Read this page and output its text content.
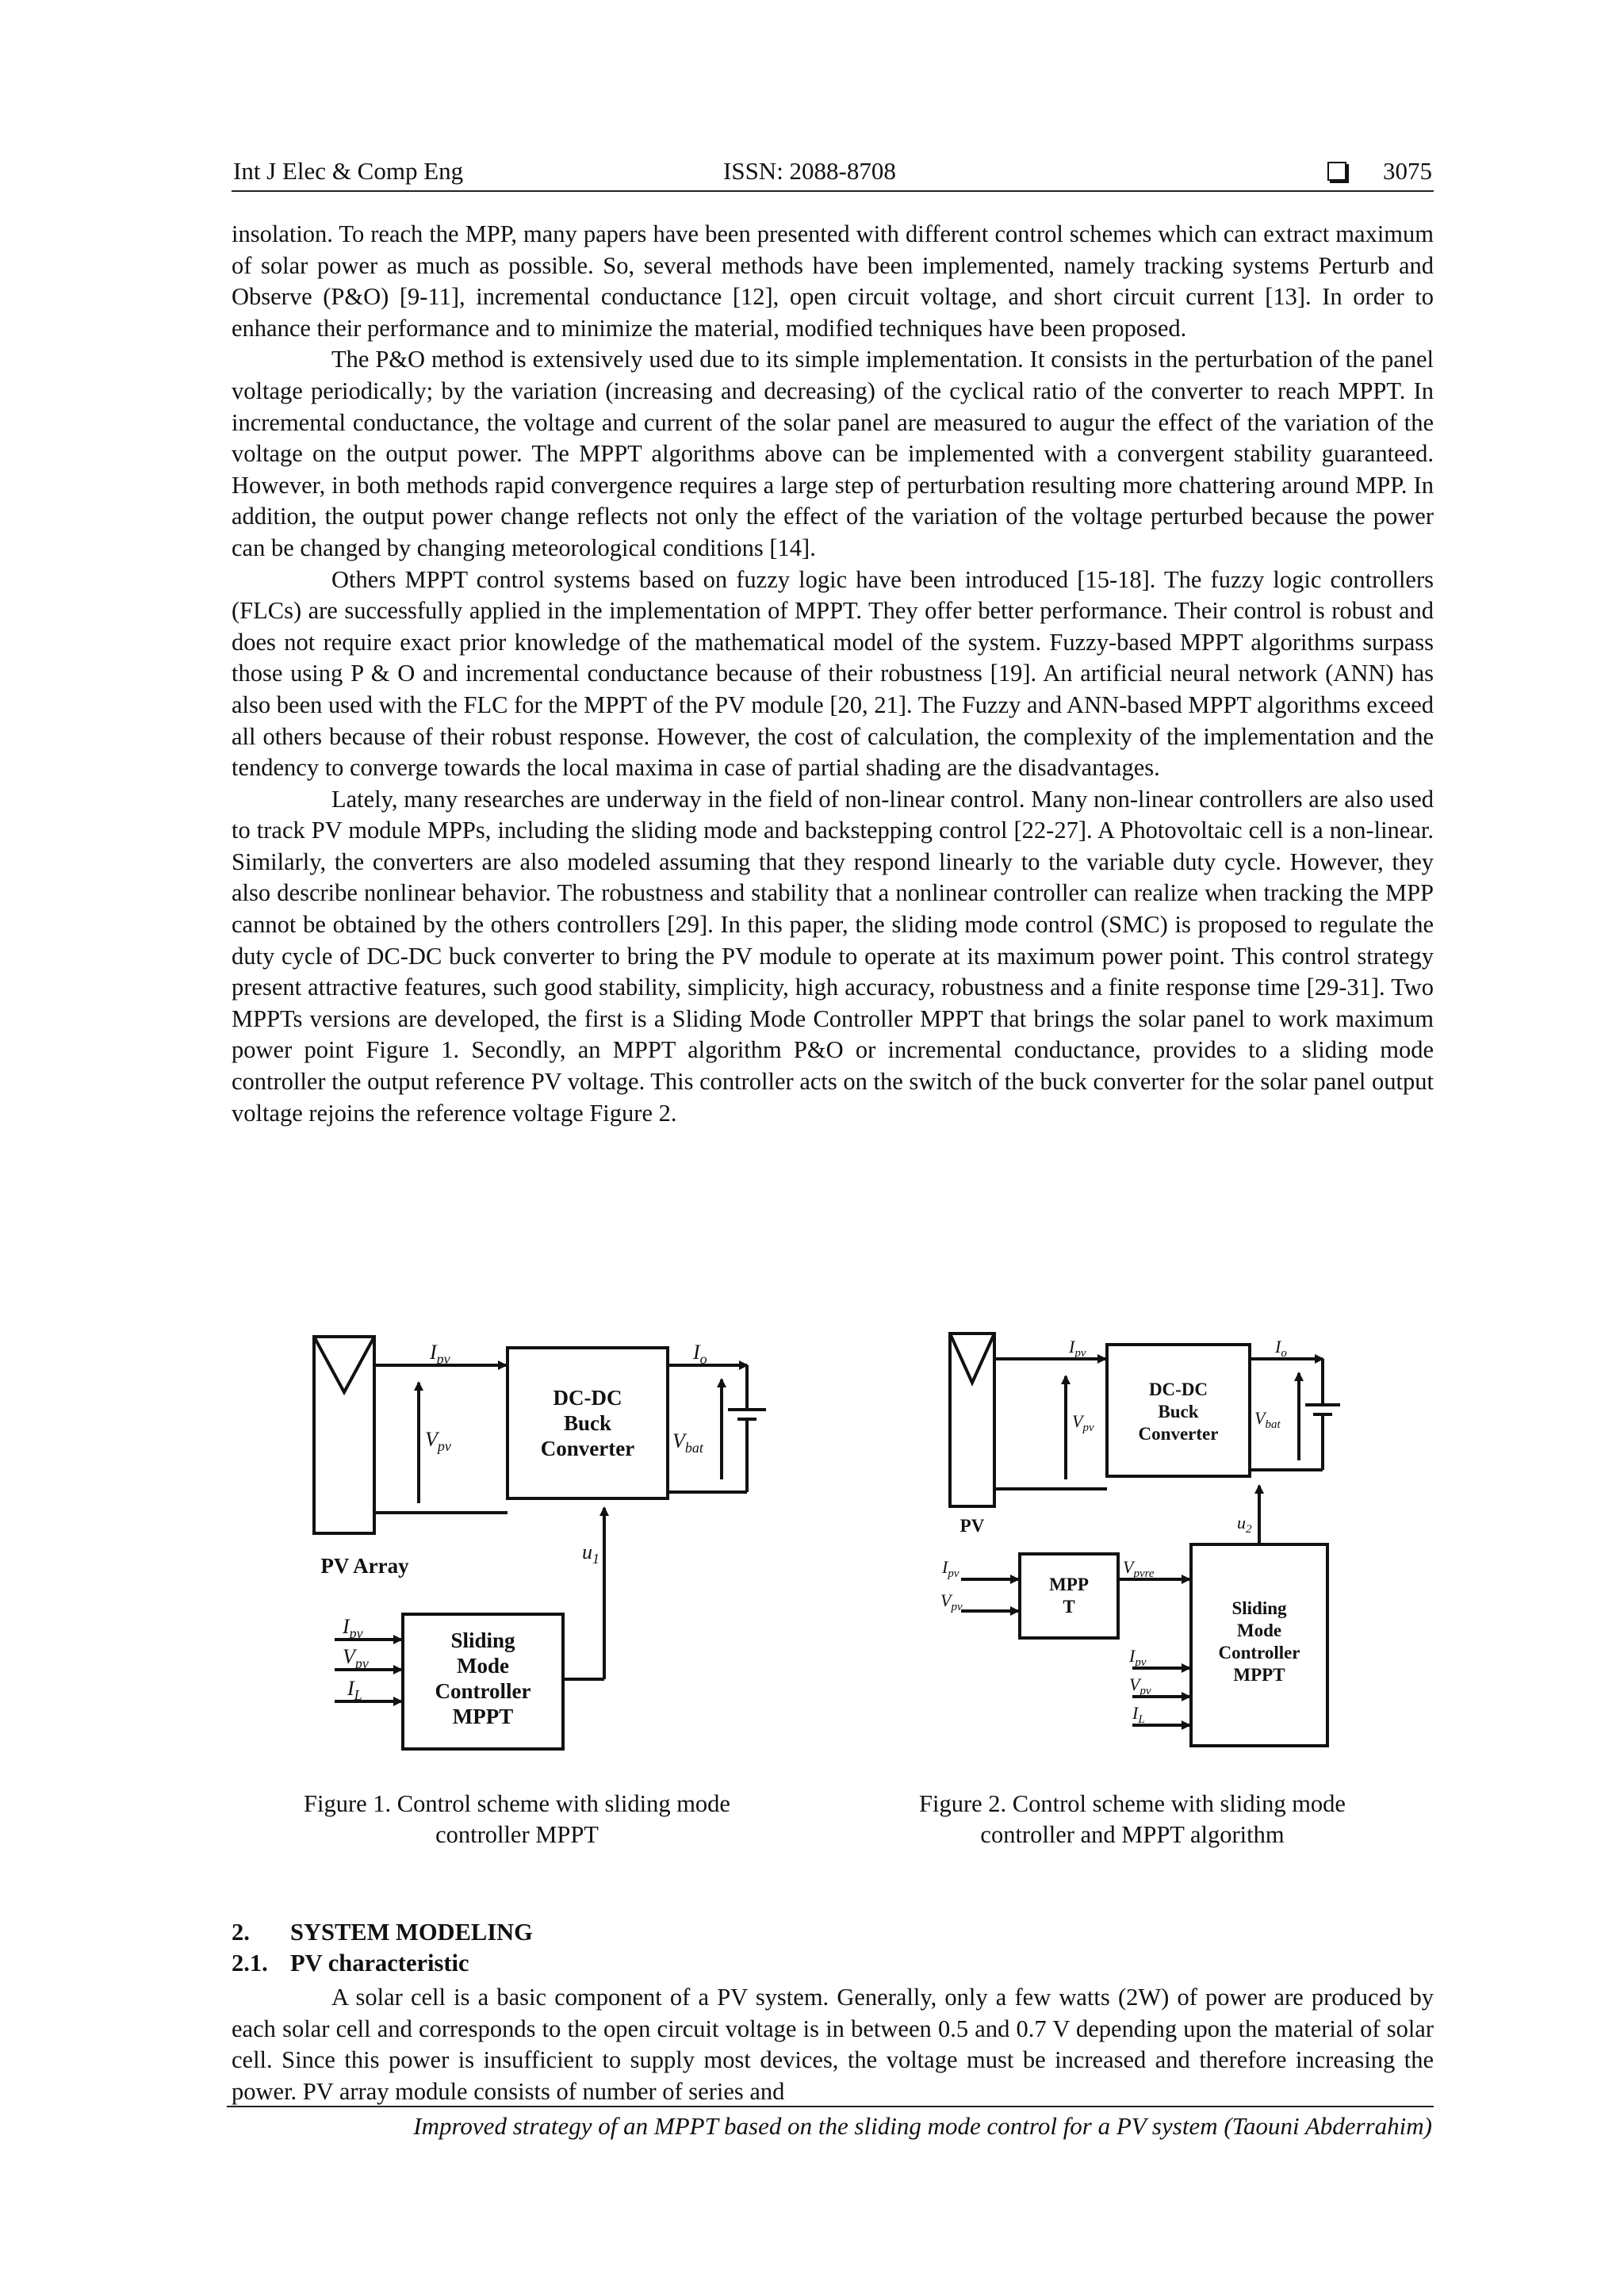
Int J Elec & Comp Eng	ISSN: 2088-8708	3075

insolation. To reach the MPP, many papers have been presented with different control schemes which can extract maximum of solar power as much as possible. So, several methods have been implemented, namely tracking systems Perturb and Observe (P&O) [9-11], incremental conductance [12], open circuit voltage, and short circuit current [13]. In order to enhance their performance and to minimize the material, modified techniques have been proposed.

The P&O method is extensively used due to its simple implementation. It consists in the perturbation of the panel voltage periodically; by the variation (increasing and decreasing) of the cyclical ratio of the converter to reach MPPT. In incremental conductance, the voltage and current of the solar panel are measured to augur the effect of the variation of the voltage on the output power. The MPPT algorithms above can be implemented with a convergent stability guaranteed. However, in both methods rapid convergence requires a large step of perturbation resulting more chattering around MPP. In addition, the output power change reflects not only the effect of the variation of the voltage perturbed because the power can be changed by changing meteorological conditions [14].

Others MPPT control systems based on fuzzy logic have been introduced [15-18]. The fuzzy logic controllers (FLCs) are successfully applied in the implementation of MPPT. They offer better performance. Their control is robust and does not require exact prior knowledge of the mathematical model of the system. Fuzzy-based MPPT algorithms surpass those using P & O and incremental conductance because of their robustness [19]. An artificial neural network (ANN) has also been used with the FLC for the MPPT of the PV module [20, 21]. The Fuzzy and ANN-based MPPT algorithms exceed all others because of their robust response. However, the cost of calculation, the complexity of the implementation and the tendency to converge towards the local maxima in case of partial shading are the disadvantages.

Lately, many researches are underway in the field of non-linear control. Many non-linear controllers are also used to track PV module MPPs, including the sliding mode and backstepping control [22-27]. A Photovoltaic cell is a non-linear. Similarly, the converters are also modeled assuming that they respond linearly to the variable duty cycle. However, they also describe nonlinear behavior. The robustness and stability that a nonlinear controller can realize when tracking the MPP cannot be obtained by the others controllers [29]. In this paper, the sliding mode control (SMC) is proposed to regulate the duty cycle of DC-DC buck converter to bring the PV module to operate at its maximum power point. This control strategy present attractive features, such good stability, simplicity, high accuracy, robustness and a finite response time [29-31]. Two MPPTs versions are developed, the first is a Sliding Mode Controller MPPT that brings the solar panel to work maximum power point Figure 1. Secondly, an MPPT algorithm P&O or incremental conductance, provides to a sliding mode controller the output reference PV voltage. This controller acts on the switch of the buck converter for the solar panel output voltage rejoins the reference voltage Figure 2.

$I_{pv}$
$V_{pv}$
$I_o$
$V_{bat}$
$u_1$
$I_{pv}$
$V_{pv}$
$I_L$
DC-DC
Buck
Converter
PV Array
Sliding
Mode
Controller
MPPT
$I_{pv}$
$V_{pv}$
$I_o$
$V_{bat}$
$u_2$
$I_{pv}$
$V_{pv}$
$V_{pvre}$
$I_{pv}$
$V_{pv}$
$I_L$
DC-DC
Buck
Converter
PV
MPP
T	Sliding
Mode
Controller
MPPT
Figure 1. Control scheme with sliding mode
controller MPPT
Figure 2. Control scheme with sliding mode
controller and MPPT algorithm
2. SYSTEM MODELING
2.1. PV characteristic

A solar cell is a basic component of a PV system. Generally, only a few watts (2W) of power are produced by each solar cell and corresponds to the open circuit voltage is in between 0.5 and 0.7 V depending upon the material of solar cell. Since this power is insufficient to supply most devices, the voltage must be increased and therefore increasing the power. PV array module consists of number of series and

Improved strategy of an MPPT based on the sliding mode control for a PV system (Taouni Abderrahim)
